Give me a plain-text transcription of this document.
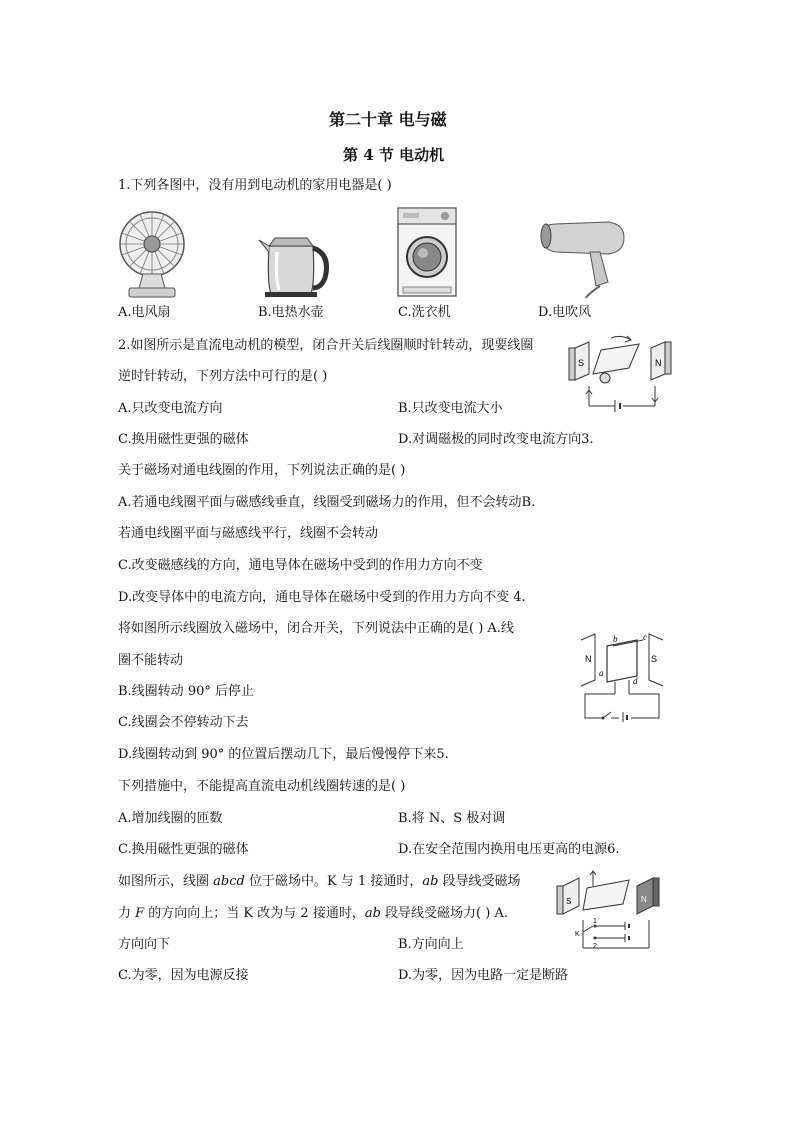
第二十章 电与磁
第 4 节 电动机
1.下列各图中，没有用到电动机的家用电器是( )
A.电风扇	B.电热水壶	C.洗衣机	D.电吹风
2.如图所示是直流电动机的模型，闭合开关后线圈顺时针转动，现要线圈
逆时针转动，下列方法中可行的是( )
A.只改变电流方向	B.只改变电流大小
C.换用磁性更强的磁体	D.对调磁极的同时改变电流方向3.
S	N
关于磁场对通电线圈的作用，下列说法正确的是( )
A.若通电线圈平面与磁感线垂直，线圈受到磁场力的作用，但不会转动B.
若通电线圈平面与磁感线平行，线圈不会转动
C.改变磁感线的方向，通电导体在磁场中受到的作用力方向不变
D.改变导体中的电流方向，通电导体在磁场中受到的作用力方向不变 4.
将如图所示线圈放入磁场中，闭合开关，下列说法中正确的是( ) A.线
圈不能转动
B.线圈转动 90° 后停止
C.线圈会不停转动下去
D.线圈转动到 90° 的位置后摆动几下，最后慢慢停下来5.
N	S
a
b	c
d
下列措施中，不能提高直流电动机线圈转速的是( )
A.增加线圈的匝数	B.将 N、S 极对调
C.换用磁性更强的磁体	D.在安全范围内换用电压更高的电源6.
如图所示，线圈 abcd 位于磁场中。K 与 1 接通时，ab 段导线受磁场
力 F 的方向向上；当 K 改为与 2 接通时，ab 段导线受磁场力( ) A.
方向向下	B.方向向上
C.为零，因为电源反接	D.为零，因为电路一定是断路
S	N
K
1
2
